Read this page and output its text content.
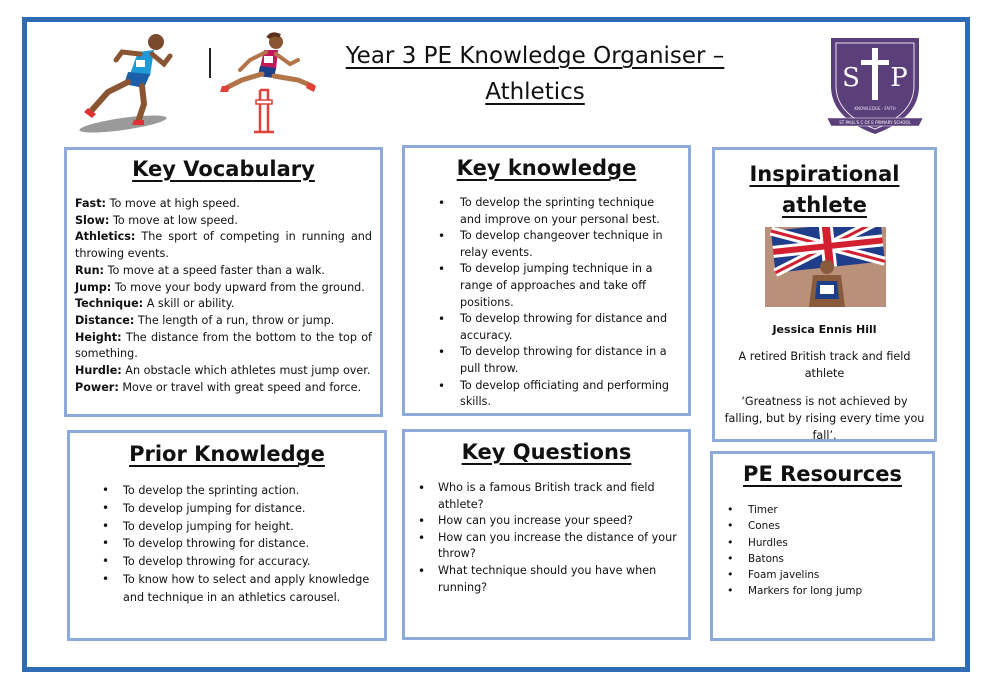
Year 3 PE Knowledge Organiser –
Athletics	S P
KNOWLEDGE · FAITH
ST PAUL'S C OF E PRIMARY SCHOOL
Key Vocabulary
Fast: To move at high speed.
Slow: To move at low speed.
Athletics: The sport of competing in running and throwing events.
Run: To move at a speed faster than a walk.
Jump: To move your body upward from the ground.
Technique: A skill or ability.
Distance: The length of a run, throw or jump.
Height: The distance from the bottom to the top of something.
Hurdle: An obstacle which athletes must jump over.
Power: Move or travel with great speed and force.
Key knowledge
• To develop the sprinting technique and improve on your personal best.
• To develop changeover technique in relay events.
• To develop jumping technique in a range of approaches and take off positions.
• To develop throwing for distance and accuracy.
• To develop throwing for distance in a pull throw.
• To develop officiating and performing skills.
Inspirational athlete
Jessica Ennis Hill
A retired British track and field athlete
‘Greatness is not achieved by falling, but by rising every time you fall’.
Prior Knowledge
• To develop the sprinting action.
• To develop jumping for distance.
• To develop jumping for height.
• To develop throwing for distance.
• To develop throwing for accuracy.
• To know how to select and apply knowledge and technique in an athletics carousel.
Key Questions
• Who is a famous British track and field athlete?
• How can you increase your speed?
• How can you increase the distance of your throw?
• What technique should you have when running?
PE Resources
• Timer
• Cones
• Hurdles
• Batons
• Foam javelins
• Markers for long jump
